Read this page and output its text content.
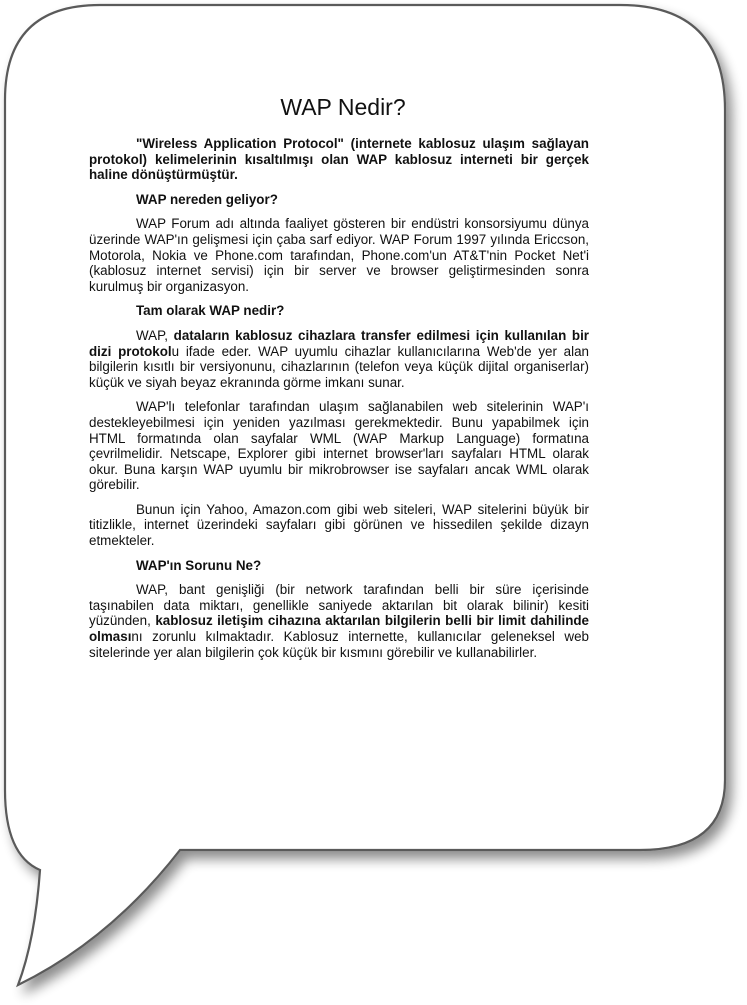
WAP Nedir?

"Wireless Application Protocol" (internete kablosuz ulaşım sağlayan protokol) kelimelerinin kısaltılmışı olan WAP kablosuz interneti bir gerçek haline dönüştürmüştür.

WAP nereden geliyor?

WAP Forum adı altında faaliyet gösteren bir endüstri konsorsiyumu dünya üzerinde WAP'ın gelişmesi için çaba sarf ediyor. WAP Forum 1997 yılında Ericcson, Motorola, Nokia ve Phone.com tarafından, Phone.com'un AT&T'nin Pocket Net'i (kablosuz internet servisi) için bir server ve browser geliştirmesinden sonra kurulmuş bir organizasyon.

Tam olarak WAP nedir?

WAP, dataların kablosuz cihazlara transfer edilmesi için kullanılan bir dizi protokolu ifade eder. WAP uyumlu cihazlar kullanıcılarına Web'de yer alan bilgilerin kısıtlı bir versiyonunu, cihazlarının (telefon veya küçük dijital organiserlar) küçük ve siyah beyaz ekranında görme imkanı sunar.

WAP'lı telefonlar tarafından ulaşım sağlanabilen web sitelerinin WAP'ı destekleyebilmesi için yeniden yazılması gerekmektedir. Bunu yapabilmek için HTML formatında olan sayfalar WML (WAP Markup Language) formatına çevrilmelidir. Netscape, Explorer gibi internet browser'ları sayfaları HTML olarak okur. Buna karşın WAP uyumlu bir mikrobrowser ise sayfaları ancak WML olarak görebilir.

Bunun için Yahoo, Amazon.com gibi web siteleri, WAP sitelerini büyük bir titizlikle, internet üzerindeki sayfaları gibi görünen ve hissedilen şekilde dizayn etmekteler.

WAP'ın Sorunu Ne?

WAP, bant genişliği (bir network tarafından belli bir süre içerisinde taşınabilen data miktarı, genellikle saniyede aktarılan bit olarak bilinir) kesiti yüzünden, kablosuz iletişim cihazına aktarılan bilgilerin belli bir limit dahilinde olmasını zorunlu kılmaktadır. Kablosuz internette, kullanıcılar geleneksel web sitelerinde yer alan bilgilerin çok küçük bir kısmını görebilir ve kullanabilirler.
